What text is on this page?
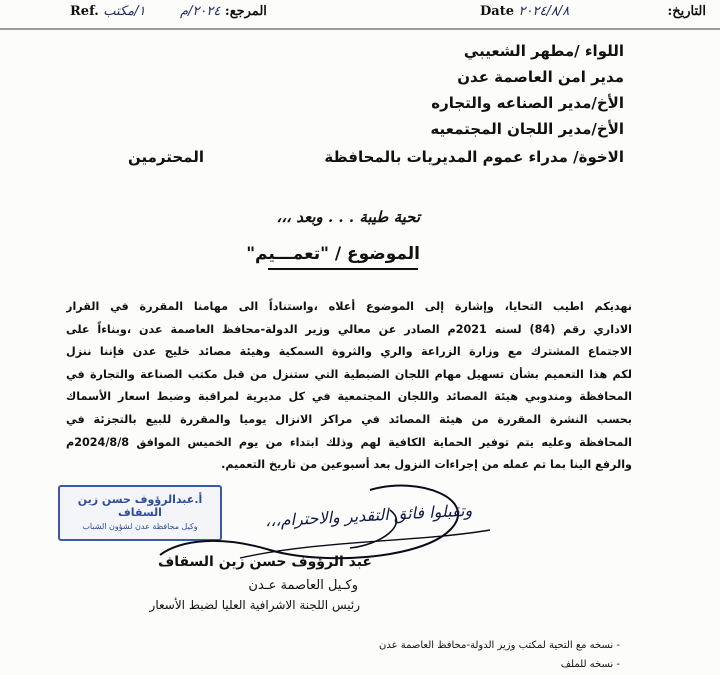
Ref. ١/مكتب	المرجع: ٢٠٢٤/م	Date ٢٠٢٤/٨/٨	التاريخ:
اللواء /مطهر الشعيبي
مدير امن العاصمة عدن
الأخ/مدير الصناعه والتجاره
الأخ/مدير اللجان المجتمعيه
الاخوة/ مدراء عموم المديريات بالمحافظة
المحترمين
تحية طيبة . . . وبعد ،،،
الموضوع / "تعمـــيم"
نهديكم اطيب التحايا، وإشارة إلى الموضوع أعلاه ،واستناداً الى مهامنا المقررة في القرار
الاداري رقم (84) لسنه 2021م الصادر عن معالي وزير الدولة-محافظ العاصمة عدن ،وبناءاً على
الاجتماع المشترك مع وزارة الزراعة والري والثروة السمكية وهيئة مصائد خليج عدن فإننا ننزل
لكم هذا التعميم بشأن تسهيل مهام اللجان الضبطية التي ستنزل من قبل مكتب الصناعة والتجارة في
المحافظة ومندوبي هيئة المصائد واللجان المجتمعية في كل مديرية لمراقبة وضبط اسعار الأسماك
بحسب النشرة المقررة من هيئة المصائد في مراكز الانزال يوميا والمقررة للبيع بالتجزئة في
المحافظة وعليه يتم توفير الحماية الكافية لهم وذلك ابتداء من يوم الخميس الموافق 2024/8/8م
والرفع الينا بما تم عمله من إجراءات النزول بعد أسبوعين من تاريخ التعميم.
أ.عبدالرؤوف حسن زين السقاف
وكيل محافظة عدن لشؤون الشباب	وتقبلوا فائق التقدير والاحترام،،،
عبد الرؤوف حسن زين السقاف
وكـيل العاصمة عـدن
رئيس اللجنة الاشرافية العليا لضبط الأسعار
- نسخه مع التحية لمكتب وزير الدولة-محافظ العاصمة عدن
- نسخه للملف
